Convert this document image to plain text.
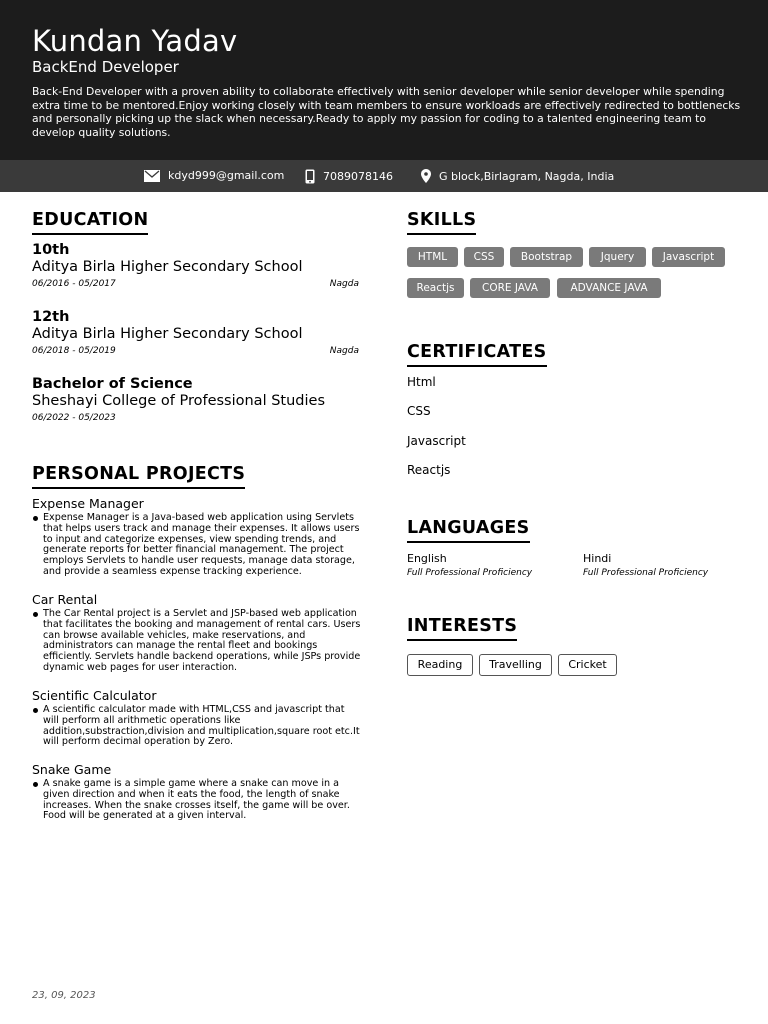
Kundan Yadav
BackEnd Developer
Back-End Developer with a proven ability to collaborate effectively with senior developer while senior developer while spending extra time to be mentored.Enjoy working closely with team members to ensure workloads are effectively redirected to bottlenecks and personally picking up the slack when necessary.Ready to apply my passion for coding to a talented engineering team to develop quality solutions.
kdyd999@gmail.com	7089078146	G block,Birlagram, Nagda, India
EDUCATION
10th
Aditya Birla Higher Secondary School
06/2016 - 05/2017	Nagda
12th
Aditya Birla Higher Secondary School
06/2018 - 05/2019	Nagda
Bachelor of Science
Sheshayi College of Professional Studies
06/2022 - 05/2023
PERSONAL PROJECTS
Expense Manager
Expense Manager is a Java-based web application using Servlets that helps users track and manage their expenses. It allows users to input and categorize expenses, view spending trends, and generate reports for better financial management. The project employs Servlets to handle user requests, manage data storage, and provide a seamless expense tracking experience.
Car Rental
The Car Rental project is a Servlet and JSP-based web application that facilitates the booking and management of rental cars. Users can browse available vehicles, make reservations, and administrators can manage the rental fleet and bookings efficiently. Servlets handle backend operations, while JSPs provide dynamic web pages for user interaction.
Scientific Calculator
A scientific calculator made with HTML,CSS and javascript that will perform all arithmetic operations like addition,substraction,division and multiplication,square root etc.It will perform decimal operation by Zero.
Snake Game
A snake game is a simple game where a snake can move in a given direction and when it eats the food, the length of snake increases. When the snake crosses itself, the game will be over. Food will be generated at a given interval.
SKILLS
HTML	CSS	Bootstrap	Jquery	Javascript
Reactjs	CORE JAVA	ADVANCE JAVA
CERTIFICATES
Html
CSS
Javascript
Reactjs
LANGUAGES
English
Full Professional Proficiency
Hindi
Full Professional Proficiency
INTERESTS
Reading	Travelling	Cricket
23, 09, 2023
